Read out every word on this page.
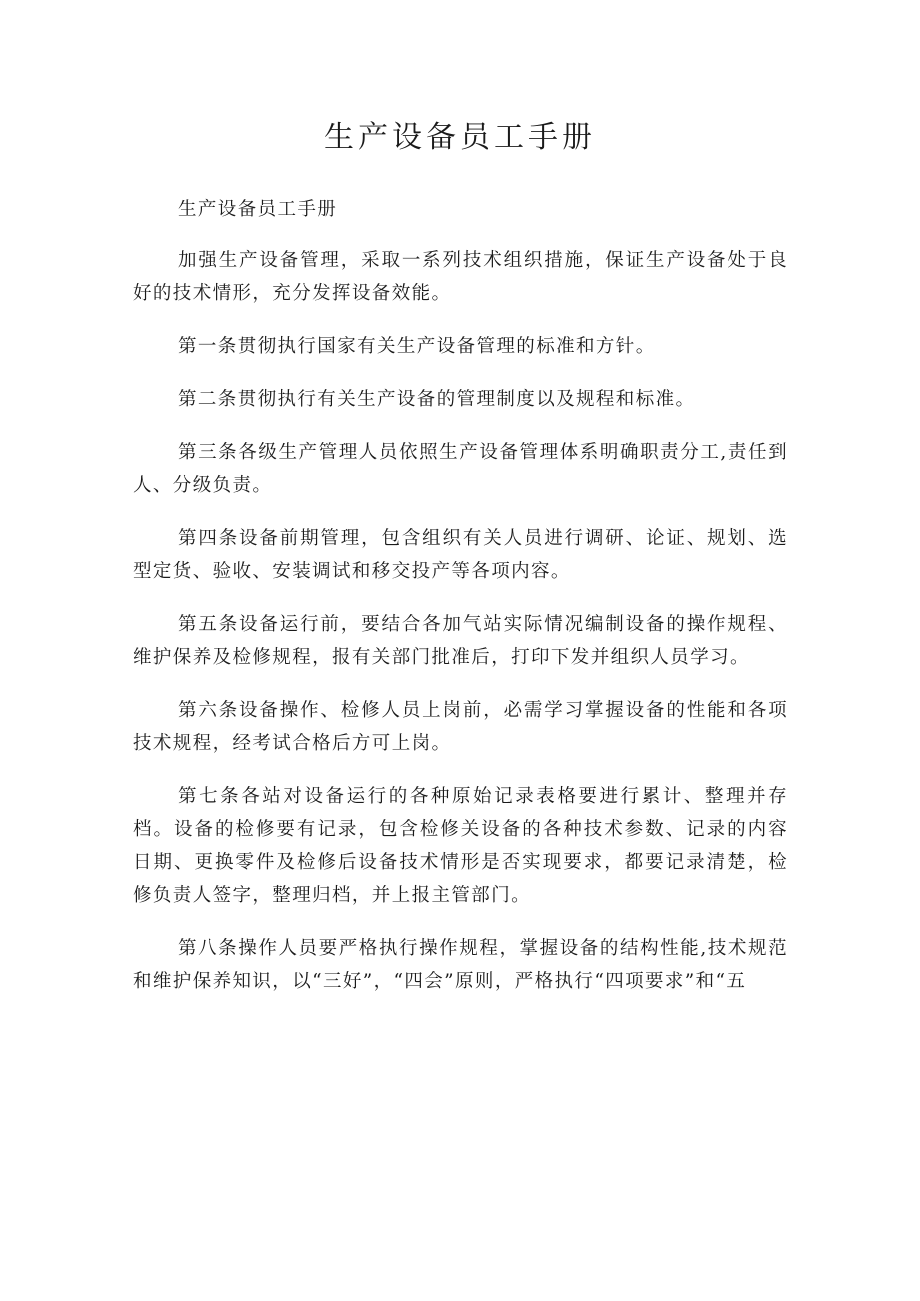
生产设备员工手册

生产设备员工手册

加强生产设备管理，采取一系列技术组织措施，保证生产设备处于良好的技术情形，充分发挥设备效能。

第一条贯彻执行国家有关生产设备管理的标准和方针。

第二条贯彻执行有关生产设备的管理制度以及规程和标准。

第三条各级生产管理人员依照生产设备管理体系明确职责分工,责任到人、分级负责。

第四条设备前期管理，包含组织有关人员进行调研、论证、规划、选型定货、验收、安装调试和移交投产等各项内容。

第五条设备运行前，要结合各加气站实际情况编制设备的操作规程、维护保养及检修规程，报有关部门批准后，打印下发并组织人员学习。

第六条设备操作、检修人员上岗前，必需学习掌握设备的性能和各项技术规程，经考试合格后方可上岗。

第七条各站对设备运行的各种原始记录表格要进行累计、整理并存档。设备的检修要有记录，包含检修关设备的各种技术参数、记录的内容日期、更换零件及检修后设备技术情形是否实现要求，都要记录清楚，检修负责人签字，整理归档，并上报主管部门。

第八条操作人员要严格执行操作规程，掌握设备的结构性能,技术规范和维护保养知识，以“三好”，“四会”原则，严格执行“四项要求”和“五
